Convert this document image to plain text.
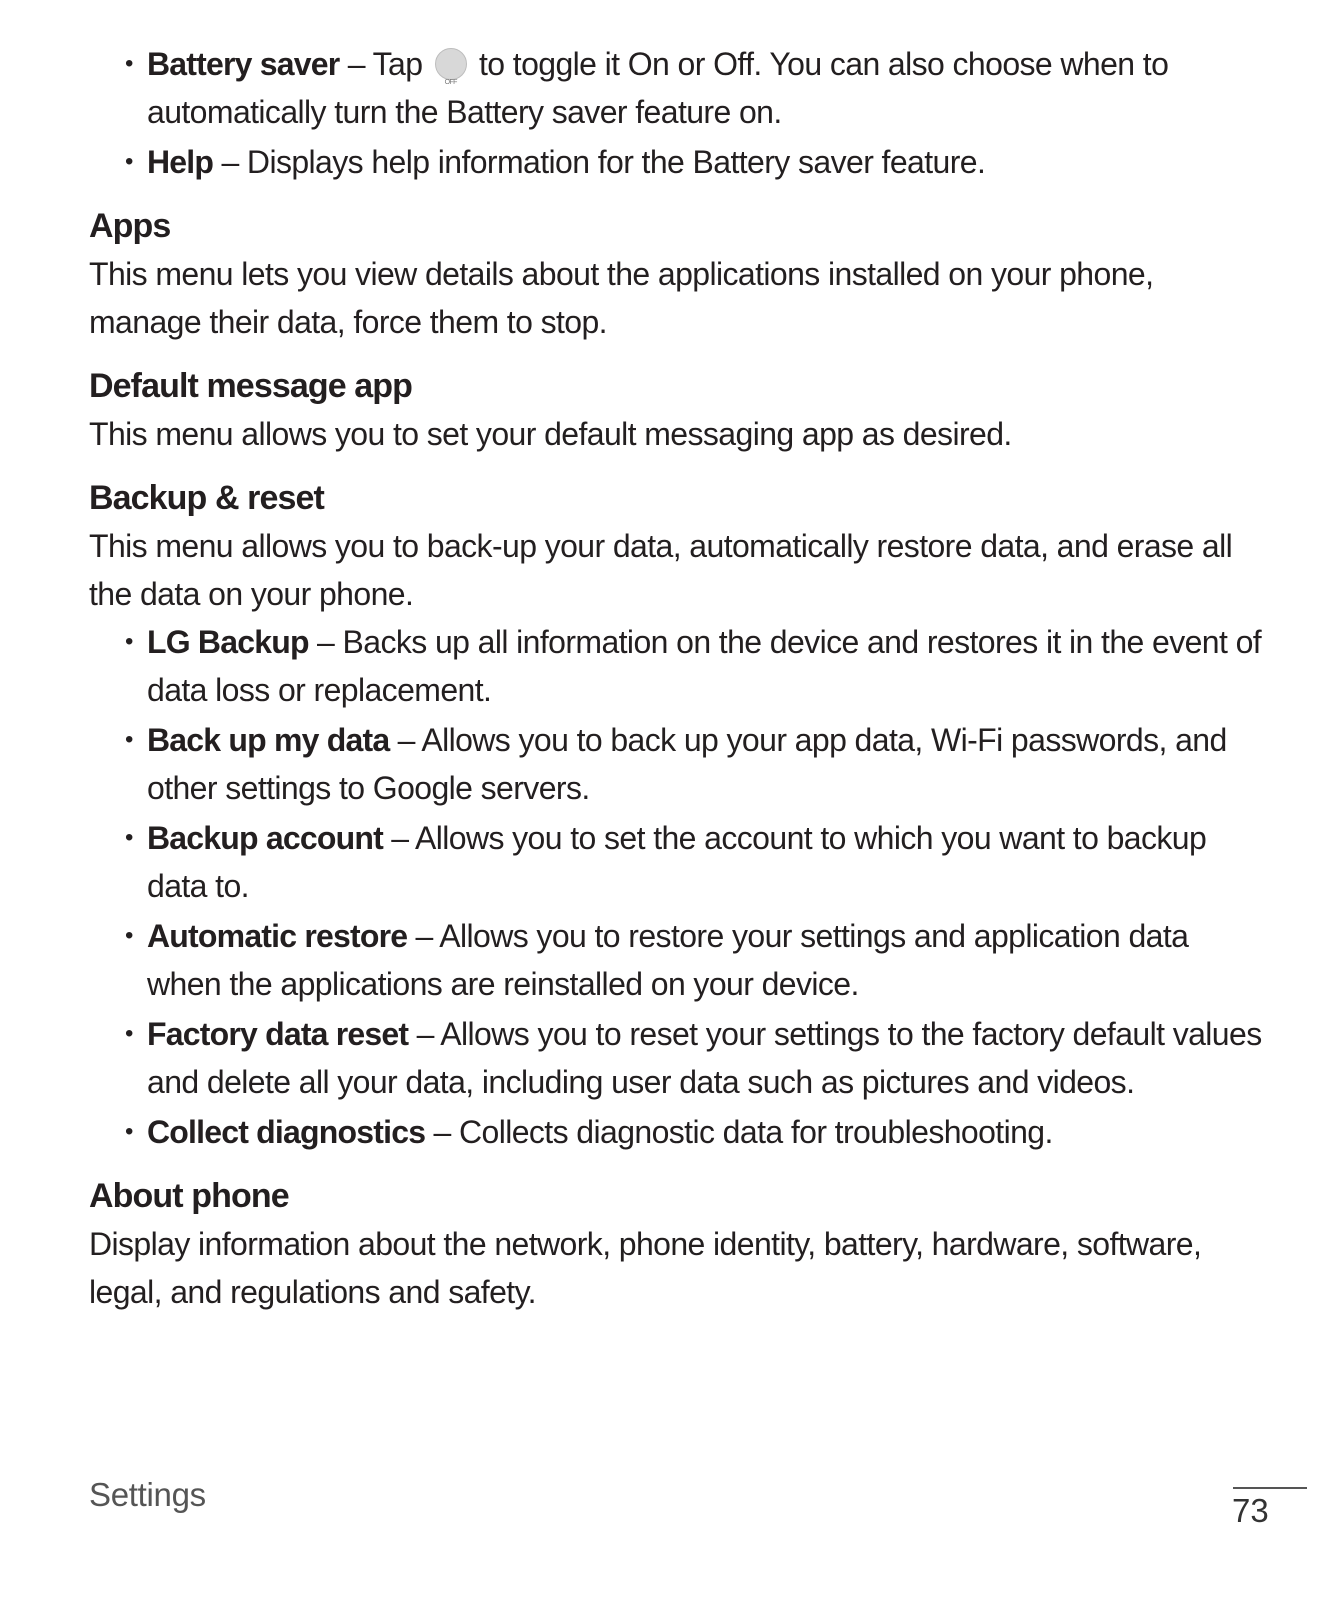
• Battery saver – Tap OFF to toggle it On or Off. You can also choose when to automatically turn the Battery saver feature on.
• Help – Displays help information for the Battery saver feature.
Apps

This menu lets you view details about the applications installed on your phone, manage their data, force them to stop.

Default message app

This menu allows you to set your default messaging app as desired.

Backup & reset

This menu allows you to back-up your data, automatically restore data, and erase all the data on your phone.

• LG Backup – Backs up all information on the device and restores it in the event of data loss or replacement.
• Back up my data – Allows you to back up your app data, Wi-Fi passwords, and other settings to Google servers.
• Backup account – Allows you to set the account to which you want to backup data to.
• Automatic restore – Allows you to restore your settings and application data when the applications are reinstalled on your device.
• Factory data reset – Allows you to reset your settings to the factory default values and delete all your data, including user data such as pictures and videos.
• Collect diagnostics – Collects diagnostic data for troubleshooting.
About phone

Display information about the network, phone identity, battery, hardware, software, legal, and regulations and safety.

Settings	73
